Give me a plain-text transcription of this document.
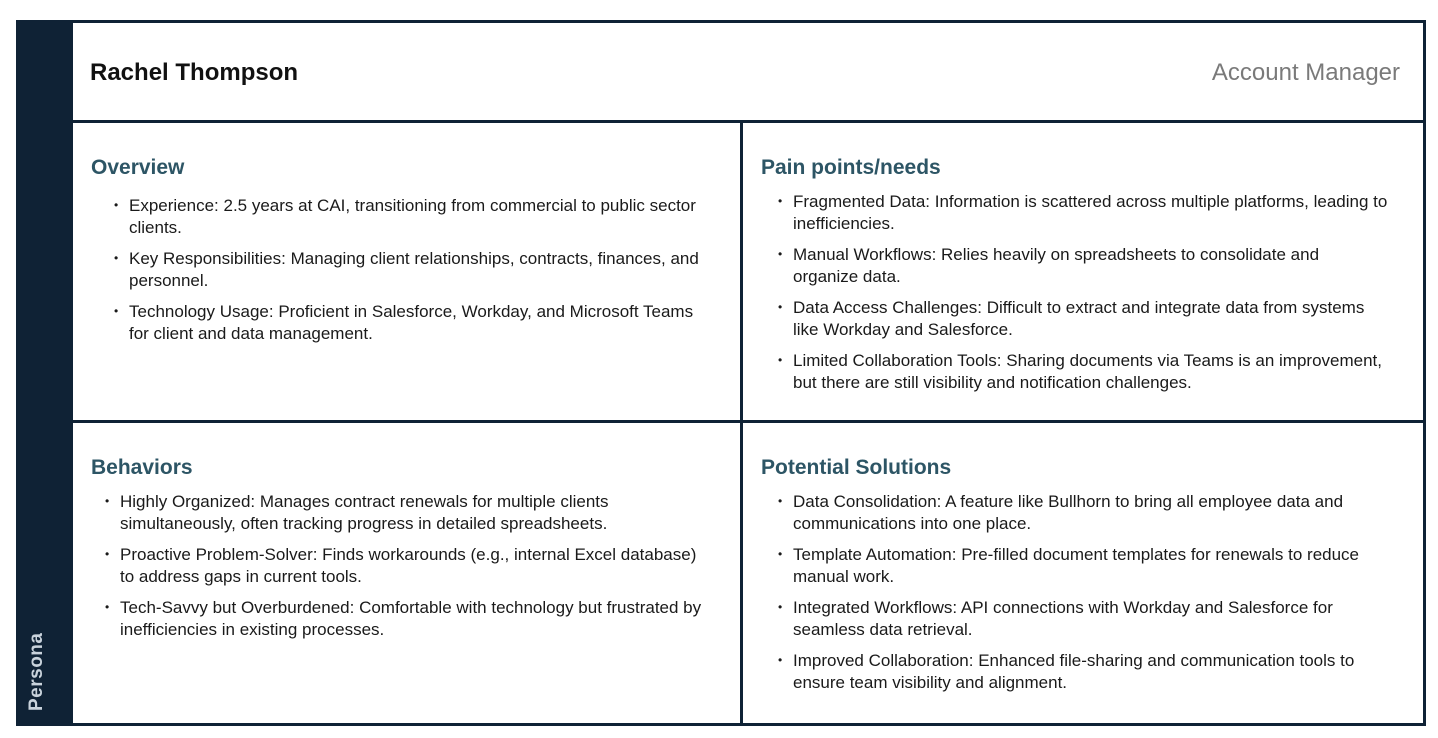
Persona
Rachel Thompson	Account Manager
Overview
• Experience: 2.5 years at CAI, transitioning from commercial to public sector clients.
• Key Responsibilities: Managing client relationships, contracts, finances, and personnel.
• Technology Usage: Proficient in Salesforce, Workday, and Microsoft Teams for client and data management.
Pain points/needs
• Fragmented Data: Information is scattered across multiple platforms, leading to inefficiencies.
• Manual Workflows: Relies heavily on spreadsheets to consolidate and organize data.
• Data Access Challenges: Difficult to extract and integrate data from systems like Workday and Salesforce.
• Limited Collaboration Tools: Sharing documents via Teams is an improvement, but there are still visibility and notification challenges.
Behaviors
• Highly Organized: Manages contract renewals for multiple clients simultaneously, often tracking progress in detailed spreadsheets.
• Proactive Problem-Solver: Finds workarounds (e.g., internal Excel database) to address gaps in current tools.
• Tech-Savvy but Overburdened: Comfortable with technology but frustrated by inefficiencies in existing processes.
Potential Solutions
• Data Consolidation: A feature like Bullhorn to bring all employee data and communications into one place.
• Template Automation: Pre-filled document templates for renewals to reduce manual work.
• Integrated Workflows: API connections with Workday and Salesforce for seamless data retrieval.
• Improved Collaboration: Enhanced file-sharing and communication tools to ensure team visibility and alignment.
